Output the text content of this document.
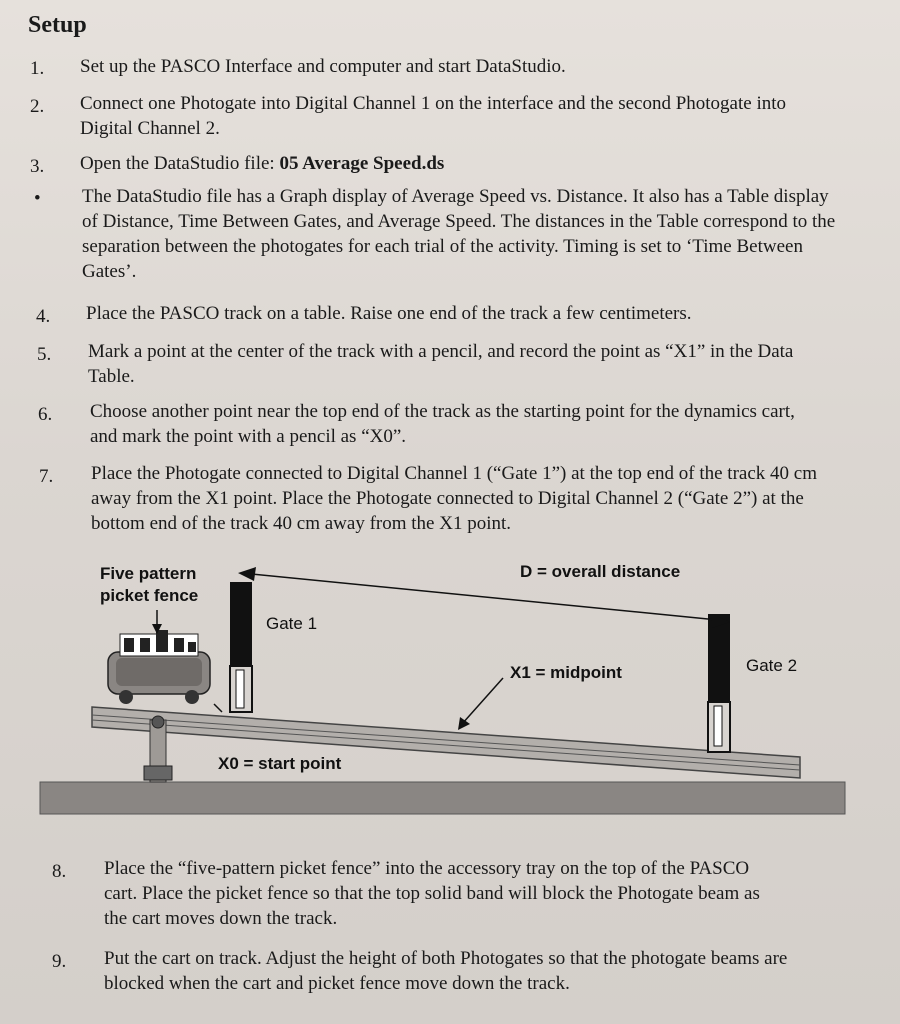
Setup
1. Set up the PASCO Interface and computer and start DataStudio.
2. Connect one Photogate into Digital Channel 1 on the interface and the second Photogate into Digital Channel 2.
3. Open the DataStudio file: 05 Average Speed.ds
• The DataStudio file has a Graph display of Average Speed vs. Distance. It also has a Table display of Distance, Time Between Gates, and Average Speed. The distances in the Table correspond to the separation between the photogates for each trial of the activity. Timing is set to ‘Time Between Gates’.
4. Place the PASCO track on a table. Raise one end of the track a few centimeters.
5. Mark a point at the center of the track with a pencil, and record the point as “X1” in the Data Table.
6. Choose another point near the top end of the track as the starting point for the dynamics cart, and mark the point with a pencil as “X0”.
7. Place the Photogate connected to Digital Channel 1 (“Gate 1”) at the top end of the track 40 cm away from the X1 point. Place the Photogate connected to Digital Channel 2 (“Gate 2”) at the bottom end of the track 40 cm away from the X1 point.
Five pattern
picket fence
Gate 1
Gate 2
D = overall distance
X1 = midpoint
X0 = start point
8. Place the “five-pattern picket fence” into the accessory tray on the top of the PASCO cart. Place the picket fence so that the top solid band will block the Photogate beam as the cart moves down the track.
9. Put the cart on track. Adjust the height of both Photogates so that the photogate beams are blocked when the cart and picket fence move down the track.
